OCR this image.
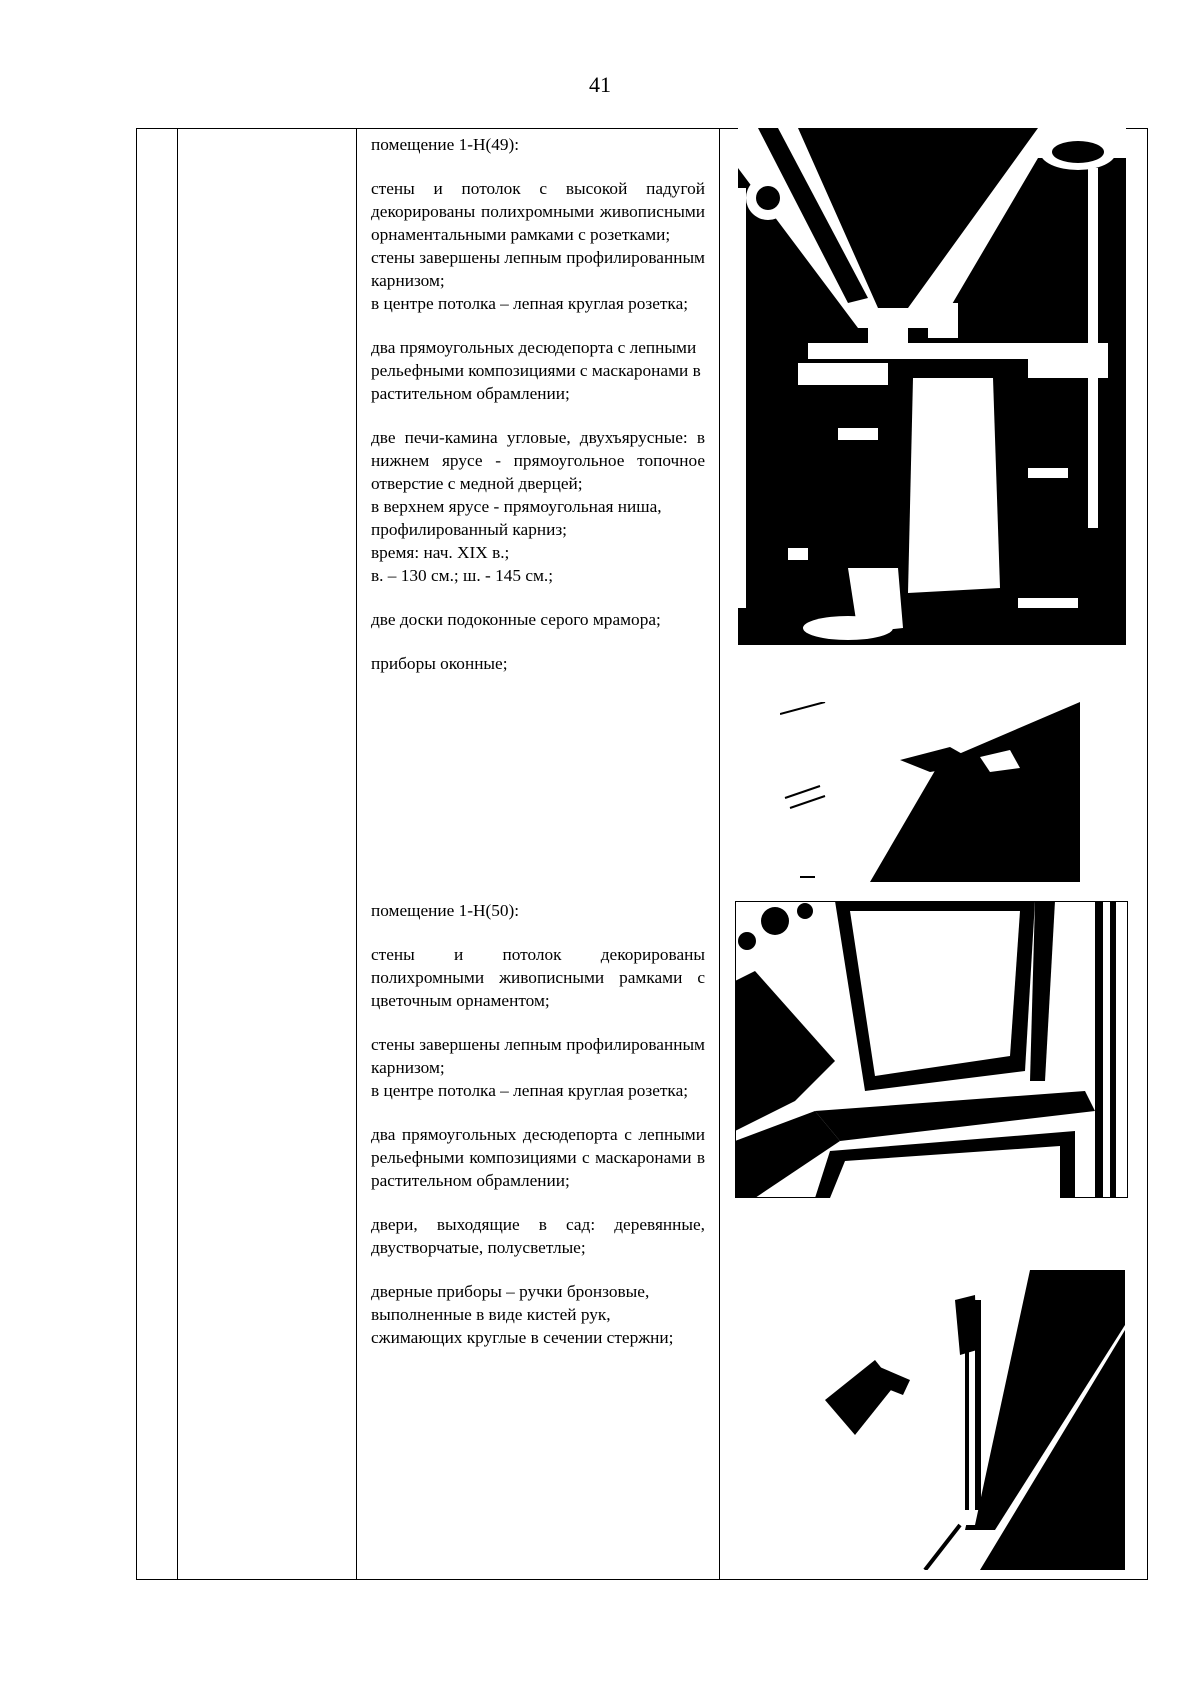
41

помещение 1-Н(49):

стены и потолок с высокой падугой декорированы полихромными живописными орнаментальными рамками с розетками;

стены завершены лепным профилированным карнизом;

в центре потолка – лепная круглая розетка;

два прямоугольных десюдепорта с лепными рельефными композициями с маскаронами в растительном обрамлении;

две печи-камина угловые, двухъярусные: в нижнем ярусе - прямоугольное топочное отверстие с медной дверцей;

в верхнем ярусе - прямоугольная ниша, профилированный карниз;

время: нач. XIX в.;

в. – 130 см.; ш. - 145 см.;

две доски подоконные серого мрамора;

приборы оконные;

помещение 1-Н(50):

стены и потолок декорированы полихромными живописными рамками с цветочным орнаментом;

стены завершены лепным профилированным карнизом;

в центре потолка – лепная круглая розетка;

два прямоугольных десюдепорта с лепными рельефными композициями с маскаронами в растительном обрамлении;

двери, выходящие в сад: деревянные, двустворчатые, полусветлые;

дверные приборы – ручки бронзовые, выполненные в виде кистей рук, сжимающих круглые в сечении стержни;
